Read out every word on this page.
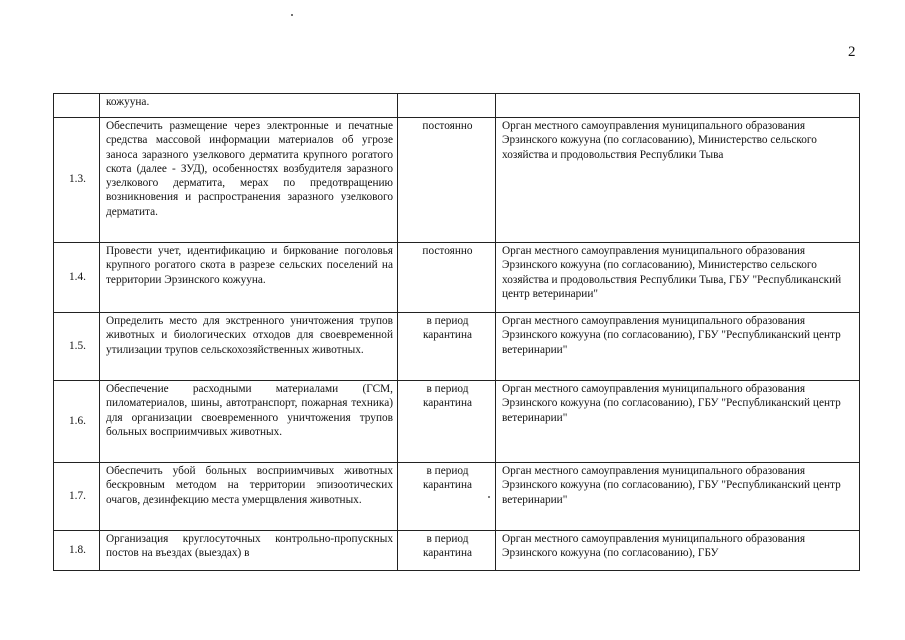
2
	кожууна.		
1.3.	Обеспечить размещение через электронные и печатные средства массовой информации материалов об угрозе заноса заразного узелкового дерматита крупного рогатого скота (далее - ЗУД), особенностях возбудителя заразного узелкового дерматита, мерах по предотвращению возникновения и распространения заразного узелкового дерматита.	постоянно	Орган местного самоуправления муниципального образования Эрзинского кожууна (по согласованию), Министерство сельского хозяйства и продовольствия Республики Тыва
1.4.	Провести учет, идентификацию и биркование поголовья крупного рогатого скота в разрезе сельских поселений на территории Эрзинского кожууна.	постоянно	Орган местного самоуправления муниципального образования Эрзинского кожууна (по согласованию), Министерство сельского хозяйства и продовольствия Республики Тыва, ГБУ "Республиканский центр ветеринарии"
1.5.	Определить место для экстренного уничтожения трупов животных и биологических отходов для своевременной утилизации трупов сельскохозяйственных животных.	в период карантина	Орган местного самоуправления муниципального образования Эрзинского кожууна (по согласованию), ГБУ "Республиканский центр ветеринарии"
1.6.	Обеспечение расходными материалами (ГСМ, пиломатериалов, шины, автотранспорт, пожарная техника) для организации своевременного уничтожения трупов больных восприимчивых животных.	в период карантина	Орган местного самоуправления муниципального образования Эрзинского кожууна (по согласованию), ГБУ "Республиканский центр ветеринарии"
1.7.	Обеспечить убой больных восприимчивых животных бескровным методом на территории эпизоотических очагов, дезинфекцию места умерщвления животных.	в период карантина	Орган местного самоуправления муниципального образования Эрзинского кожууна (по согласованию), ГБУ "Республиканский центр ветеринарии"
1.8.	Организация круглосуточных контрольно-пропускных постов на въездах (выездах) в	в период карантина	Орган местного самоуправления муниципального образования Эрзинского кожууна (по согласованию), ГБУ
